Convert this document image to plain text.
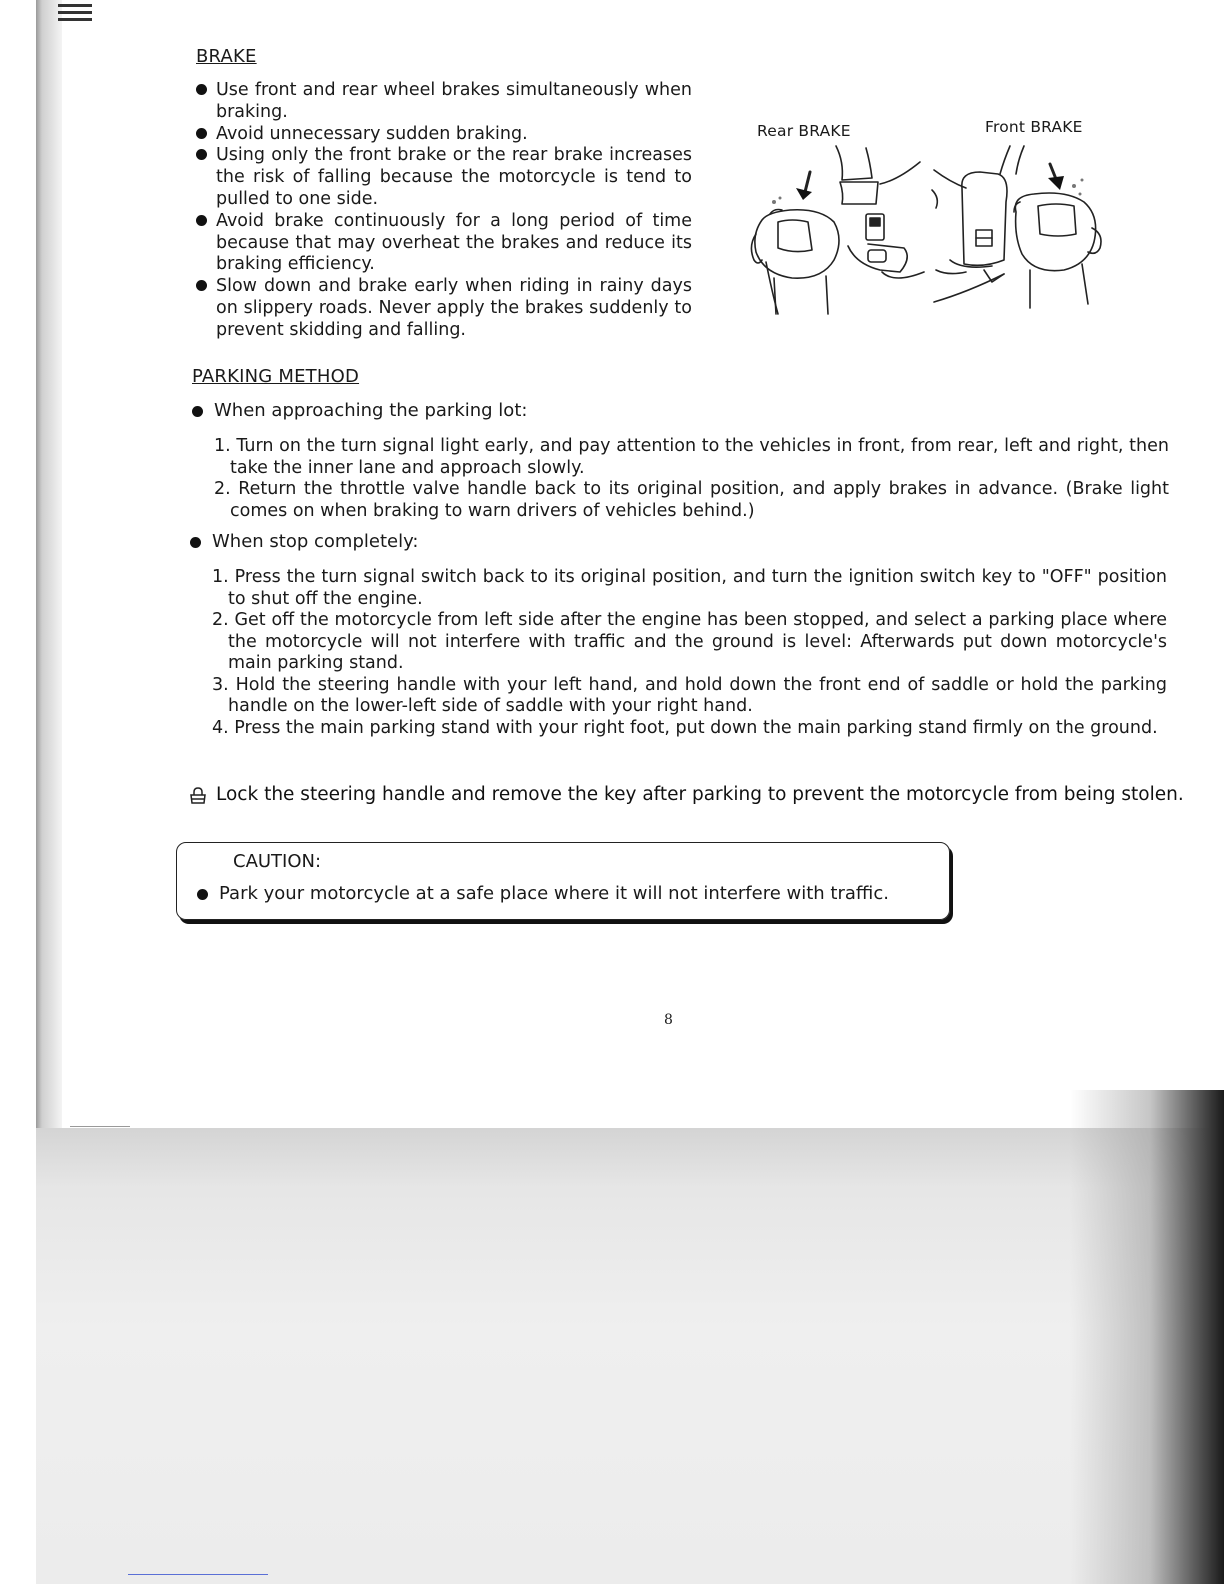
BRAKE
Use front and rear wheel brakes simultaneously when braking.
Avoid unnecessary sudden braking.
Using only the front brake or the rear brake increases the risk of falling because the motorcycle is tend to pulled to one side.
Avoid brake continuously for a long period of time because that may overheat the brakes and reduce its braking efficiency.
Slow down and brake early when riding in rainy days on slippery roads. Never apply the brakes suddenly to prevent skidding and falling.
Rear BRAKE	Front BRAKE
PARKING METHOD
When approaching the parking lot:
1. Turn on the turn signal light early, and pay attention to the vehicles in front, from rear, left and right, then take the inner lane and approach slowly.
2. Return the throttle valve handle back to its original position, and apply brakes in advance. (Brake light comes on when braking to warn drivers of vehicles behind.)
When stop completely:
1. Press the turn signal switch back to its original position, and turn the ignition switch key to "OFF" position to shut off the engine.
2. Get off the motorcycle from left side after the engine has been stopped, and select a parking place where the motorcycle will not interfere with traffic and the ground is level: Afterwards put down motorcycle's main parking stand.
3. Hold the steering handle with your left hand, and hold down the front end of saddle or hold the parking handle on the lower-left side of saddle with your right hand.
4. Press the main parking stand with your right foot, put down the main parking stand firmly on the ground.
Lock the steering handle and remove the key after parking to prevent the motorcycle from being stolen.
CAUTION:
Park your motorcycle at a safe place where it will not interfere with traffic.
8
